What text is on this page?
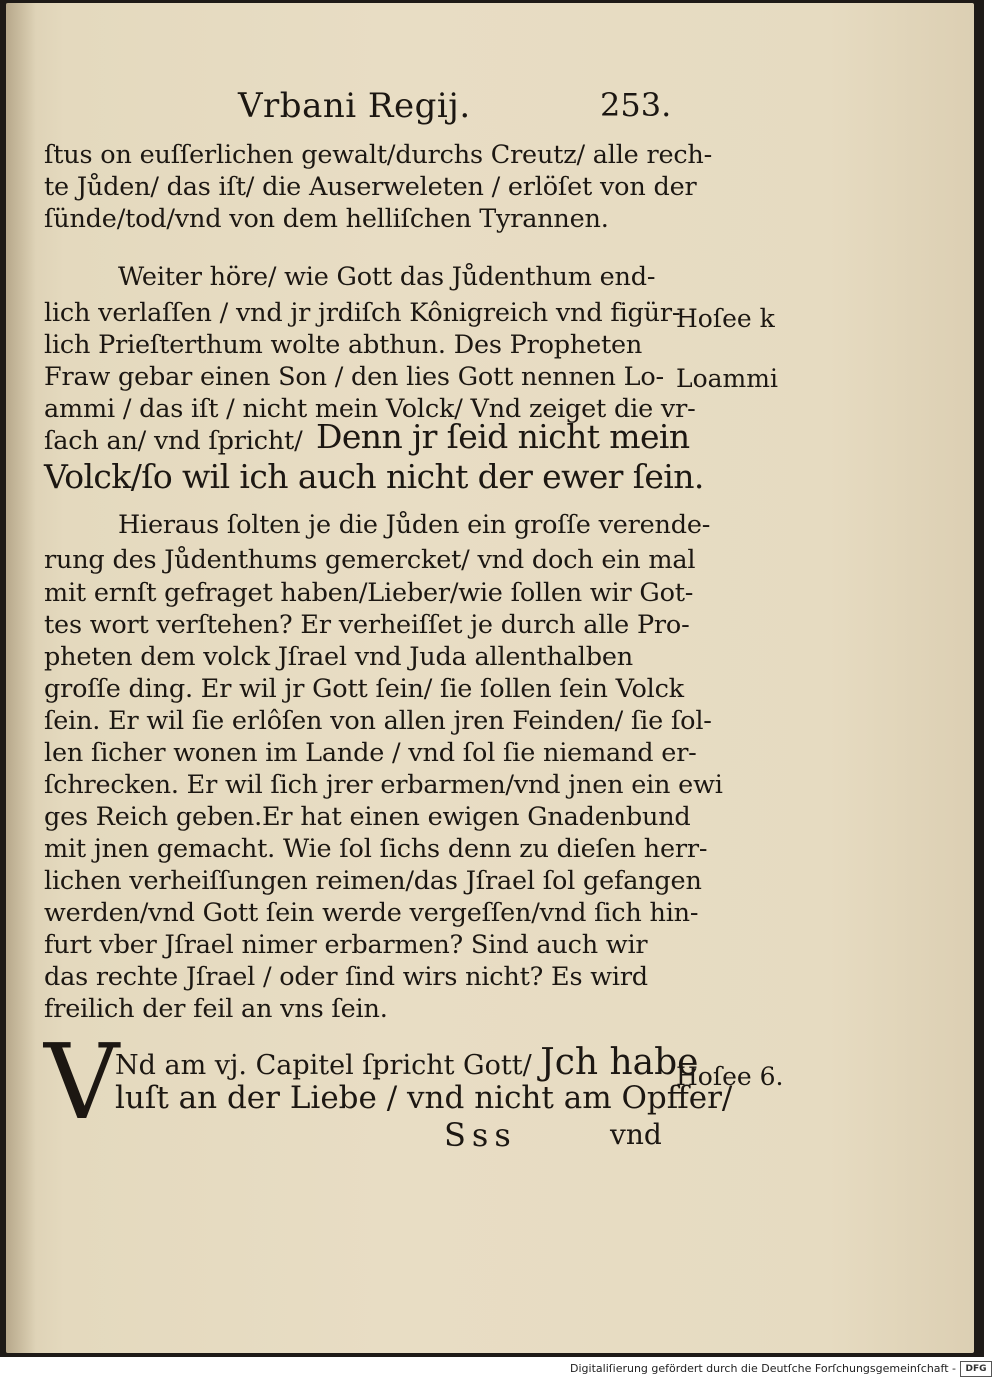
Vrbani Regij.	253.
ſtus on euſſerlichen gewalt/durchs Creutz/ alle rech-
te Jůden/ das iſt/ die Auserweleten / erlöſet von der
ſünde/tod/vnd von dem helliſchen Tyrannen.
Weiter höre/ wie Gott das Jůdenthum end-
lich verlaſſen / vnd jr jrdiſch Kônigreich vnd figür-
lich Prieſterthum wolte abthun. Des Propheten
Fraw gebar einen Son / den lies Gott nennen Lo-
ammi / das iſt / nicht mein Volck/ Vnd zeiget die vr-
ſach an/ vnd ſpricht/ Denn jr ſeid nicht mein
Volck/ſo wil ich auch nicht der ewer ſein.
Hieraus ſolten je die Jůden ein groſſe verende-
rung des Jůdenthums gemercket/ vnd doch ein mal
mit ernſt gefraget haben/Lieber/wie ſollen wir Got-
tes wort verſtehen? Er verheiſſet je durch alle Pro-
pheten dem volck Jſrael vnd Juda allenthalben
groſſe ding. Er wil jr Gott ſein/ ſie ſollen ſein Volck
ſein. Er wil ſie erlôſen von allen jren Feinden/ ſie ſol-
len ſicher wonen im Lande / vnd ſol ſie niemand er-
ſchrecken. Er wil ſich jrer erbarmen/vnd jnen ein ewi
ges Reich geben.Er hat einen ewigen Gnadenbund
mit jnen gemacht. Wie ſol ſichs denn zu dieſen herr-
lichen verheiſſungen reimen/das Jſrael ſol gefangen
werden/vnd Gott ſein werde vergeſſen/vnd ſich hin-
furt vber Jſrael nimer erbarmen? Sind auch wir
das rechte Jſrael / oder ſind wirs nicht? Es wird
freilich der feil an vns ſein.
V
Nd am vj. Capitel ſpricht Gott/ Jch habe
luſt an der Liebe / vnd nicht am Opffer/
Sss	vnd
Hoſee k
Loammi
Hoſee 6.
Digitaliſierung gefördert durch die Deutſche Forſchungsgemeinſchaft -	DFG
